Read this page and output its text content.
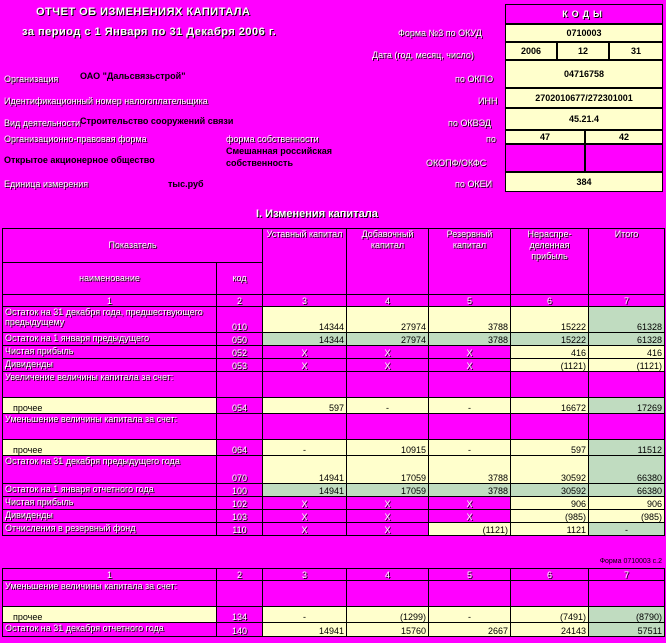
ОТЧЕТ ОБ ИЗМЕНЕНИЯХ КАПИТАЛА
за период с 1 Января по 31 Декабря 2006 г.
КОДЫ
Форма №3 по ОКУД	0710003
Дата (год, месяц, число)	2006	12	31
Организация ОАО "Дальсвязьстрой"	по ОКПО	04716758
Идентификационный номер налогоплательщика	ИНН	2702010677/272301001
Вид деятельности Строительство сооружений связи	по ОКВЭД	45.21.4
Организационно-правовая форма	форма собственности	по	47	42
Открытое акционерное общество
Смешанная российская собственность	ОКОПФ/ОКФС
Единица измерения	тыс.руб	по ОКЕИ	384
I. Изменения капитала
Показатель		Уставный капитал	Добавочный капитал	Резервный капитал	Нераспре-деленная прибыль	Итого
наименование	код					
1	2	3	4	5	6	7
Остаток на 31 декабря года, предшествующего предыдущему	010	14344	27974	3788	15222	61328
Остаток на 1 января предыдущего	050	14344	27974	3788	15222	61328
Чистая прибыль	052	X	X	X	416	416
Дивиденды	053	X	X	X	(1121)	(1121)
Увеличение величины капитала за счет:						
прочее	054	597	-	-	16672	17269
Уменьшение величины капитала за счет:						
прочее	064	-	10915	-	597	11512
Остаток на 31 декабря предыдущего года	070	14941	17059	3788	30592	66380
Остаток на 1 января отчетного года	100	14941	17059	3788	30592	66380
Чистая прибыль	102	X	X	X	906	906
Дивиденды	103	X	X	X	(985)	(985)
Отчисления в резервный фонд	110	X	X	(1121)	1121	-
Форма 0710003 с.2
1	2	3	4	5	6	7
Уменьшение величины капитала за счет:						
прочее	134	-	(1299)	-	(7491)	(8790)
Остаток на 31 декабря отчетного года	140	14941	15760	2667	24143	57511
